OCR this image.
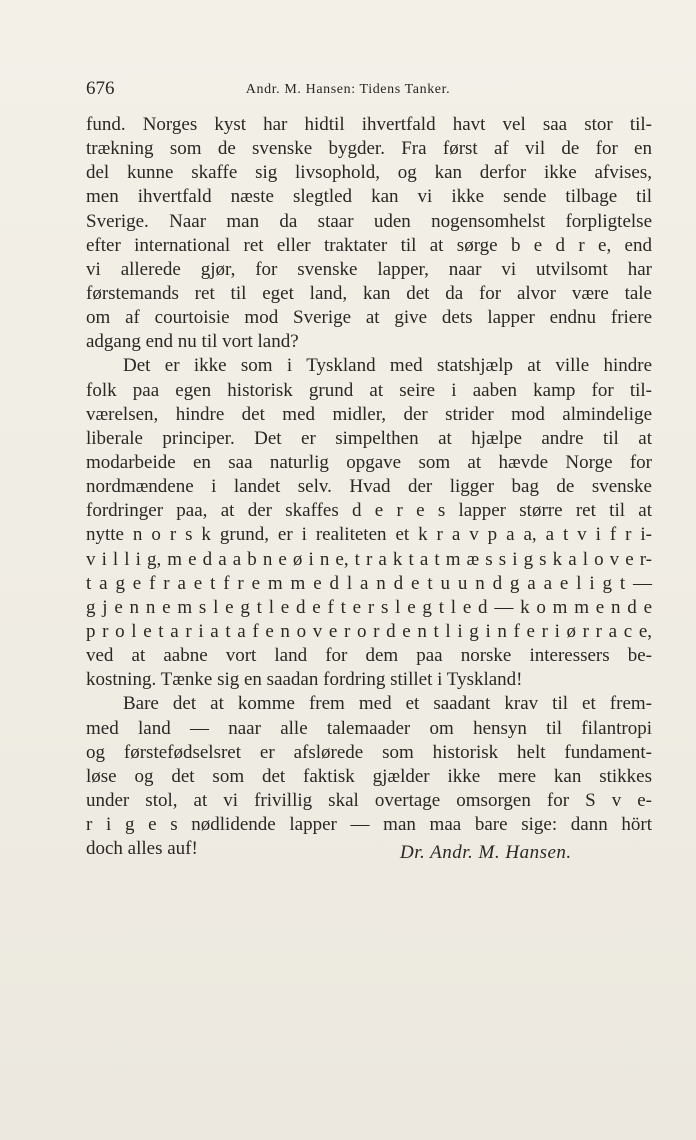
676	Andr. M. Hansen: Tidens Tanker.
fund. Norges kyst har hidtil ihvertfald havt vel saa stor til-
trækning som de svenske bygder. Fra først af vil de for en
del kunne skaffe sig livsophold, og kan derfor ikke afvises,
men ihvertfald næste slegtled kan vi ikke sende tilbage til
Sverige. Naar man da staar uden nogensomhelst forpligtelse
efter international ret eller traktater til at sørge b e d r e, end
vi allerede gjør, for svenske lapper, naar vi utvilsomt har
førstemands ret til eget land, kan det da for alvor være tale
om af courtoisie mod Sverige at give dets lapper endnu friere
adgang end nu til vort land?
Det er ikke som i Tyskland med statshjælp at ville hindre
folk paa egen historisk grund at seire i aaben kamp for til-
værelsen, hindre det med midler, der strider mod almindelige
liberale principer. Det er simpelthen at hjælpe andre til at
modarbeide en saa naturlig opgave som at hævde Norge for
nordmændene i landet selv. Hvad der ligger bag de svenske
fordringer paa, at der skaffes d e r e s lapper større ret til at
nytte n o r s k grund, er i realiteten et k r a v p a a, a t v i f r i-
v i l l i g, m e d a a b n e ø i n e, t r a k t a t m æ s s i g s k a l o v e r-
t a g e f r a e t f r e m m e d l a n d e t u u n d g a a e l i g t —
g j e n n e m s l e g t l e d e f t e r s l e g t l e d — k o m m e n d e
p r o l e t a r i a t a f e n o v e r o r d e n t l i g i n f e r i ø r r a c e,
ved at aabne vort land for dem paa norske interessers be-
kostning. Tænke sig en saadan fordring stillet i Tyskland!
Bare det at komme frem med et saadant krav til et frem-
med land — naar alle talemaader om hensyn til filantropi
og førstefødselsret er afslørede som historisk helt fundament-
løse og det som det faktisk gjælder ikke mere kan stikkes
under stol, at vi frivillig skal overtage omsorgen for S v e-
r i g e s nødlidende lapper — man maa bare sige: dann hört
doch alles auf!	Dr. Andr. M. Hansen.
